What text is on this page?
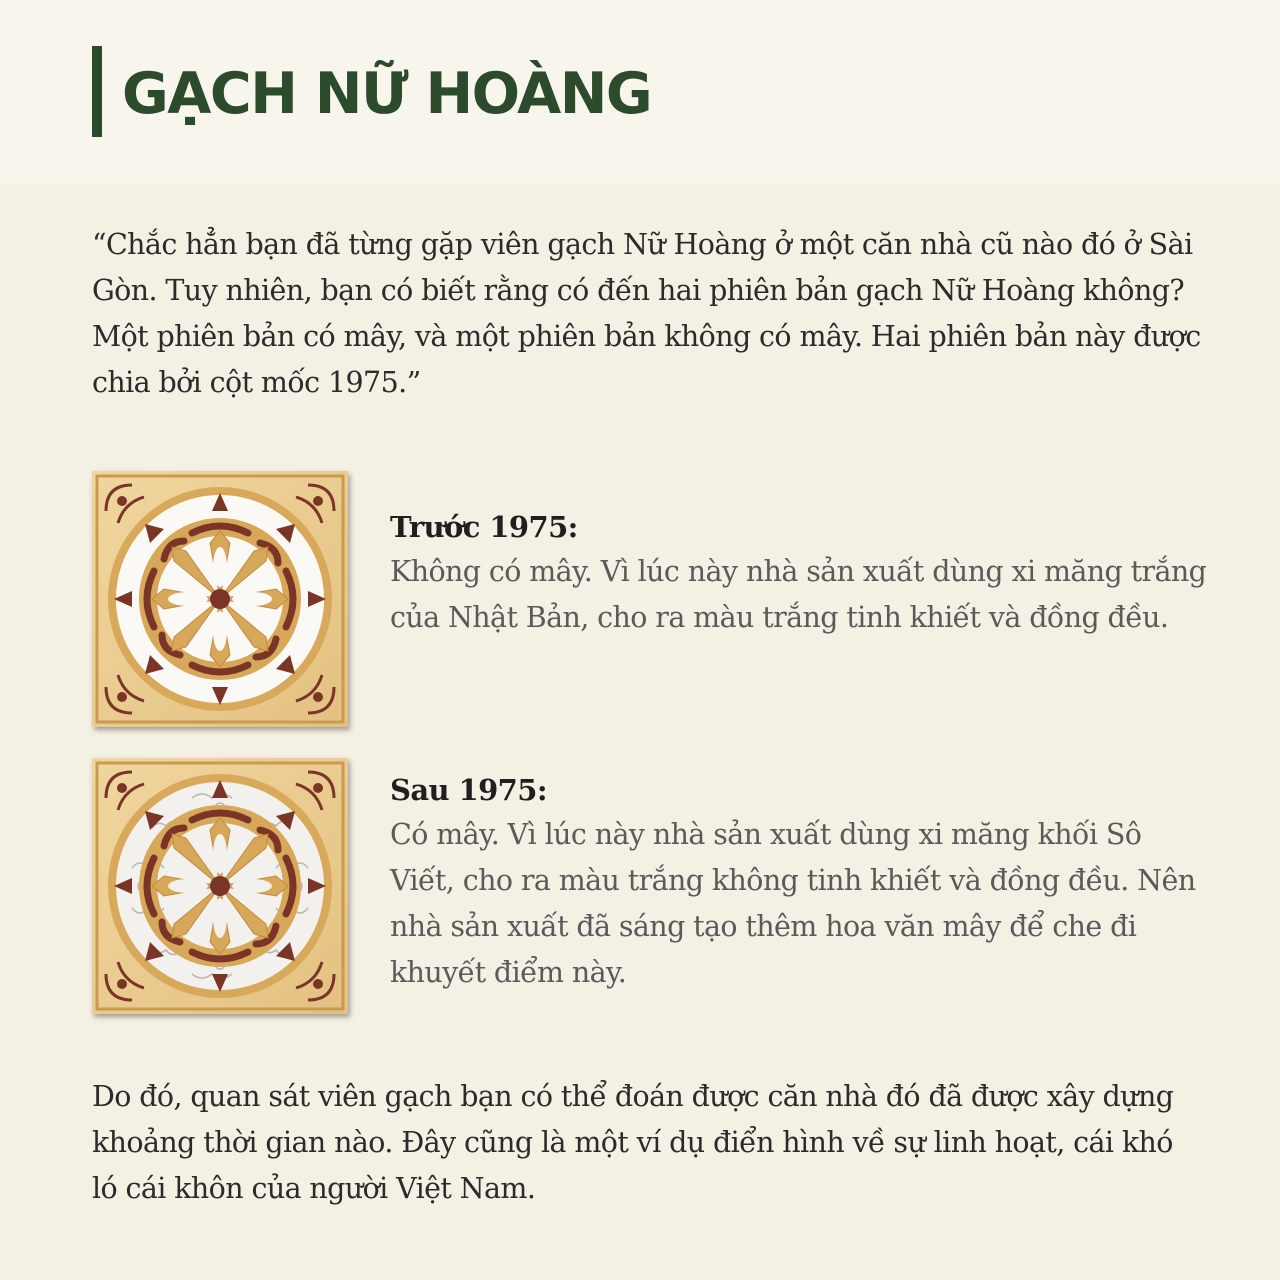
GẠCH NỮ HOÀNG
“Chắc hẳn bạn đã từng gặp viên gạch Nữ Hoàng ở một căn nhà cũ nào đó ở Sài Gòn. Tuy nhiên, bạn có biết rằng có đến hai phiên bản gạch Nữ Hoàng không? Một phiên bản có mây, và một phiên bản không có mây. Hai phiên bản này được chia bởi cột mốc 1975.”
Trước 1975:
Không có mây. Vì lúc này nhà sản xuất dùng xi măng trắng của Nhật Bản, cho ra màu trắng tinh khiết và đồng đều.
Sau 1975:
Có mây. Vì lúc này nhà sản xuất dùng xi măng khối Sô Viết, cho ra màu trắng không tinh khiết và đồng đều. Nên nhà sản xuất đã sáng tạo thêm hoa văn mây để che đi khuyết điểm này.
Do đó, quan sát viên gạch bạn có thể đoán được căn nhà đó đã được xây dựng khoảng thời gian nào. Đây cũng là một ví dụ điển hình về sự linh hoạt, cái khó ló cái khôn của người Việt Nam.
